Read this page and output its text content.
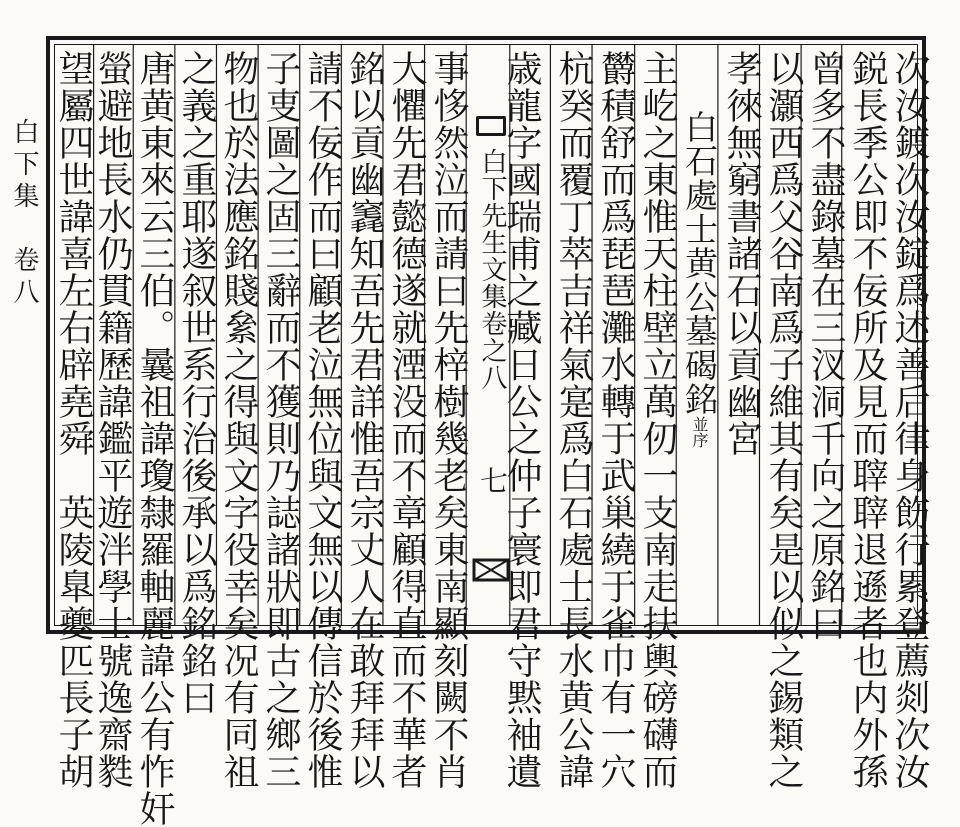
白下集　卷八	白下先生文集卷之八
七	次汝鍍次汝錠爲述善后律身飭行累登薦剡次汝
鋭長季公即不佞所及見而䏁䏁退遜者也内外孫
曾多不盡錄墓在三汊洞千向之原銘曰
以灝西爲父谷南爲子維其有矣是以似之錫類之
孝徠無窮書諸石以貢幽宮
白石處士黄公墓碣銘並序
主屹之東惟天柱壁立萬仞一支南走扶輿磅礴而
欝積舒而爲琵琶灘水轉于武巢繞于雀巾有一穴
杭癸而覆丁萃吉祥氣寔爲白石處士長水黄公諱
歳龍字國瑞甫之藏日公之仲子寰即君守黙袖遺
事恀然泣而請曰先梓樹幾老矣東南顯刻闕不肖
大懼先君懿德遂就湮没而不章顧得直而不華者
銘以貢幽竁知吾先君詳惟吾宗丈人在敢拜拜以
請不佞作而曰顧老泣無位與文無以傳信於後惟
子叓圖之固三辭而不獲則乃誌諸狀即古之鄉三
物也於法應銘賤絫之得與文字役幸矣况有同祖
之義之重耶遂叙世系行治後承以爲銘銘曰
唐黄東來云三伯。曩祖諱瓊隸羅軸麗諱公有怍奸
螢避地長水仍貫籍歷諱鑑平遊泮學士號逸齋㽔
望屬四世諱喜左右辟堯舜　英陵臯夔匹長子胡
